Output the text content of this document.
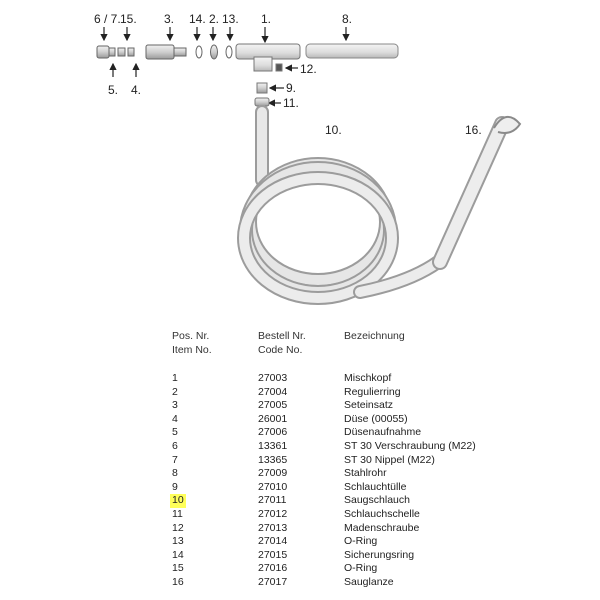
6 / 7. 15. 3. 14. 2. 13. 1.	8.
5. 4.
12.
9.
11.
10.	16.
Pos. Nr.
Item No.
Bestell Nr.
Code No.
Bezeichnung
1	27003	Mischkopf
2	27004	Regulierring
3	27005	Seteinsatz
4	26001	Düse (00055)
5	27006	Düsenaufnahme
6	13361	ST 30 Verschraubung (M22)
7	13365	ST 30 Nippel (M22)
8	27009	Stahlrohr
9	27010	Schlauchtülle
10	27011	Saugschlauch
11	27012	Schlauchschelle
12	27013	Madenschraube
13	27014	O-Ring
14	27015	Sicherungsring
15	27016	O-Ring
16	27017	Sauglanze
